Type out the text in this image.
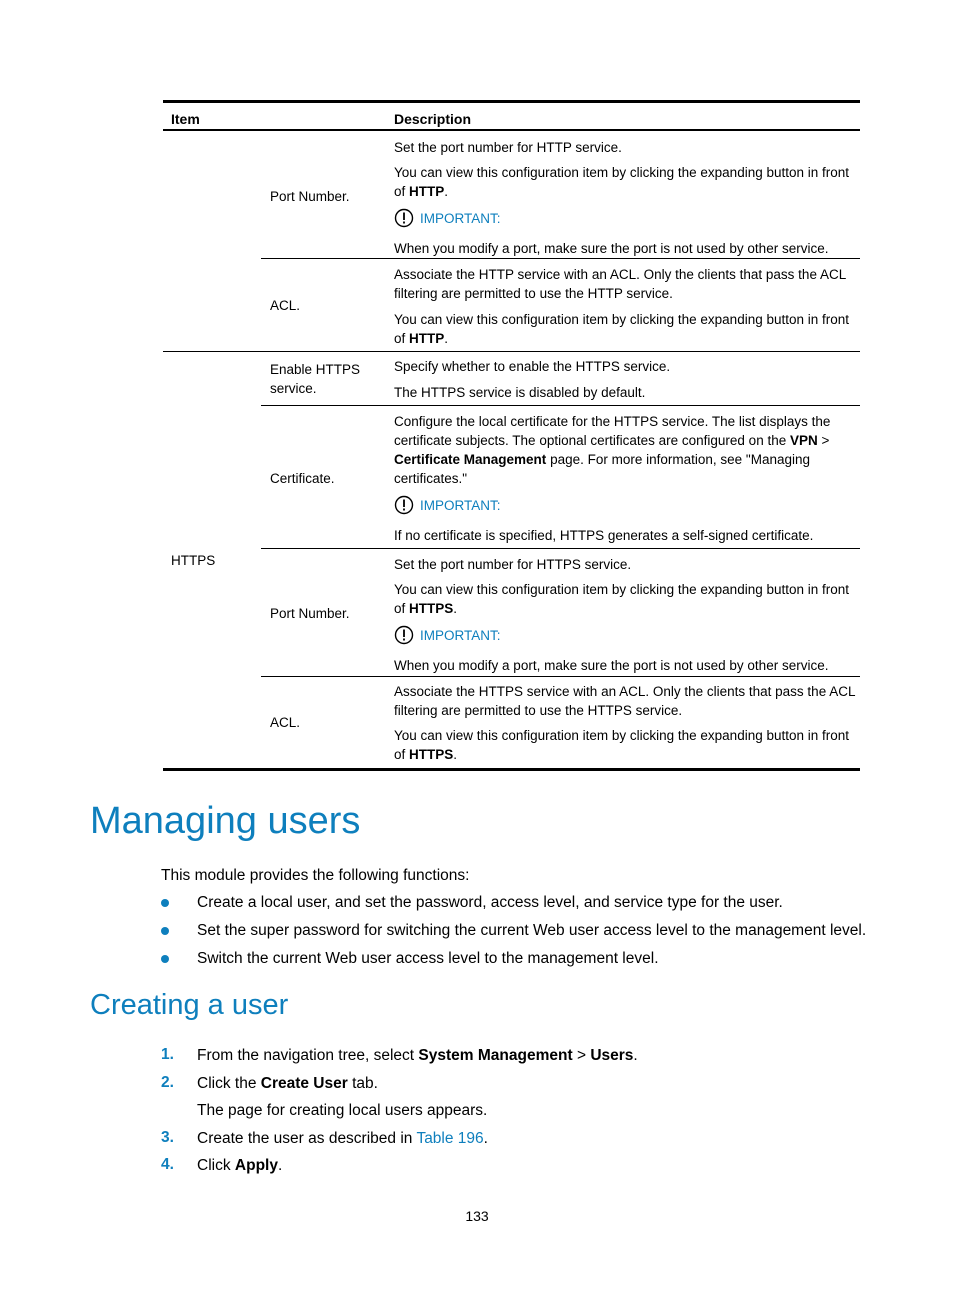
Item	Description
Port Number.
Set the port number for HTTP service.
You can view this configuration item by clicking the expanding button in front of HTTP.
IMPORTANT:
When you modify a port, make sure the port is not used by other service.
ACL.
Associate the HTTP service with an ACL. Only the clients that pass the ACL filtering are permitted to use the HTTP service.
You can view this configuration item by clicking the expanding button in front of HTTP.
HTTPS
Enable HTTPS service.
Specify whether to enable the HTTPS service.
The HTTPS service is disabled by default.
Certificate.
Configure the local certificate for the HTTPS service. The list displays the certificate subjects. The optional certificates are configured on the VPN > Certificate Management page. For more information, see "Managing certificates."
IMPORTANT:
If no certificate is specified, HTTPS generates a self-signed certificate.
Port Number.
Set the port number for HTTPS service.
You can view this configuration item by clicking the expanding button in front of HTTPS.
IMPORTANT:
When you modify a port, make sure the port is not used by other service.
ACL.
Associate the HTTPS service with an ACL. Only the clients that pass the ACL filtering are permitted to use the HTTPS service.
You can view this configuration item by clicking the expanding button in front of HTTPS.
Managing users
This module provides the following functions:
Create a local user, and set the password, access level, and service type for the user.
Set the super password for switching the current Web user access level to the management level.
Switch the current Web user access level to the management level.
Creating a user
1. From the navigation tree, select System Management > Users.
2. Click the Create User tab.
The page for creating local users appears.
3. Create the user as described in Table 196.
4. Click Apply.
133
